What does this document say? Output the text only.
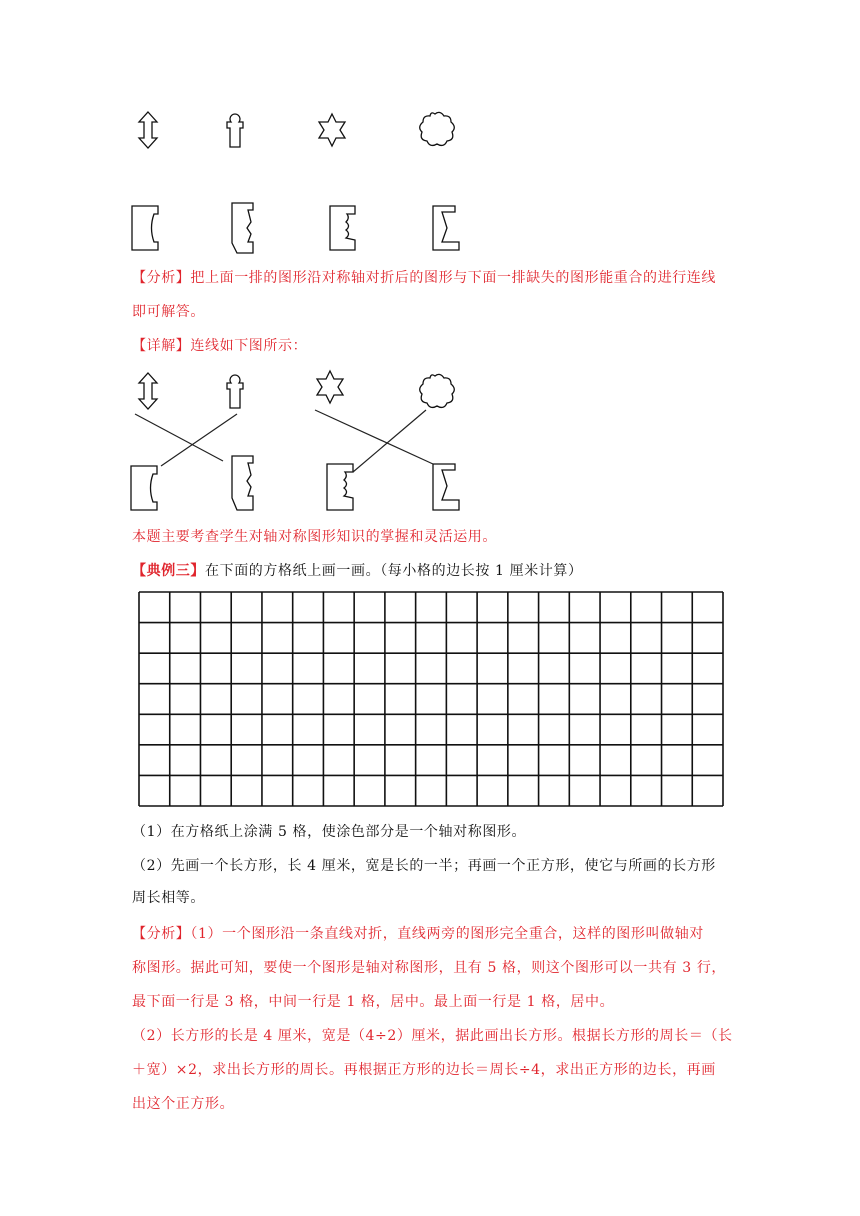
【分析】把上面一排的图形沿对称轴对折后的图形与下面一排缺失的图形能重合的进行连线
即可解答。
【详解】连线如下图所示：
本题主要考查学生对轴对称图形知识的掌握和灵活运用。
【典例三】在下面的方格纸上画一画。（每小格的边长按 1 厘米计算）
（1）在方格纸上涂满 5 格，使涂色部分是一个轴对称图形。
（2）先画一个长方形，长 4 厘米，宽是长的一半；再画一个正方形，使它与所画的长方形
周长相等。
【分析】（1）一个图形沿一条直线对折，直线两旁的图形完全重合，这样的图形叫做轴对
称图形。据此可知，要使一个图形是轴对称图形，且有 5 格，则这个图形可以一共有 3 行，
最下面一行是 3 格，中间一行是 1 格，居中。最上面一行是 1 格，居中。
（2）长方形的长是 4 厘米，宽是（4÷2）厘米，据此画出长方形。根据长方形的周长＝（长
＋宽）×2，求出长方形的周长。再根据正方形的边长＝周长÷4，求出正方形的边长，再画
出这个正方形。
